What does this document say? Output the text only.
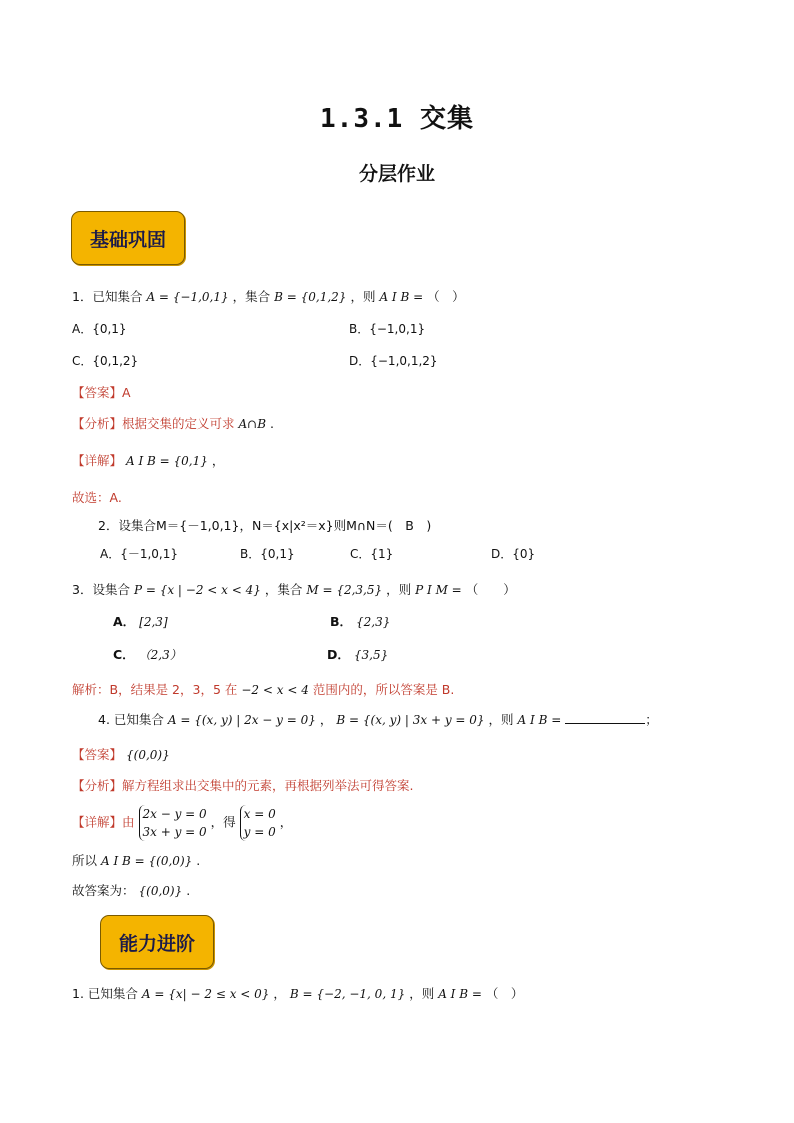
1.3.1 交集
分层作业
基础巩固
1．已知集合 A = {−1,0,1} ，集合 B = {0,1,2} ，则 A I B = （　）
A．{0,1}	B．{−1,0,1}
C．{0,1,2}	D．{−1,0,1,2}
【答案】A
【分析】根据交集的定义可求 A∩B .
【详解】 A I B = {0,1} ，
故选：A.
2．设集合M＝{－1,0,1}，N＝{x|x²＝x}则M∩N＝(　B　)
A．{－1,0,1}	B．{0,1}	C．{1}	D．{0}
3．设集合 P = {x | −2 < x < 4} ，集合 M = {2,3,5} ，则 P I M = （　　）
A． [2,3]	B． {2,3}
C． （2,3）	D． {3,5}
解析：B，结果是 2，3，5 在 −2 < x < 4 范围内的，所以答案是 B.
4. 已知集合 A = {(x, y) | 2x − y = 0} ， B = {(x, y) | 3x + y = 0} ，则 A I B =	；
【答案】 {(0,0)}
【分析】解方程组求出交集中的元素，再根据列举法可得答案.
【详解】由 2x − y = 0
3x + y = 0 ，得 x = 0
y = 0 ，
所以 A I B = {(0,0)} .
故答案为： {(0,0)} .
能力进阶
1. 已知集合 A = {x| − 2 ≤ x < 0} ， B = {−2, −1, 0, 1} ，则 A I B = （　）
